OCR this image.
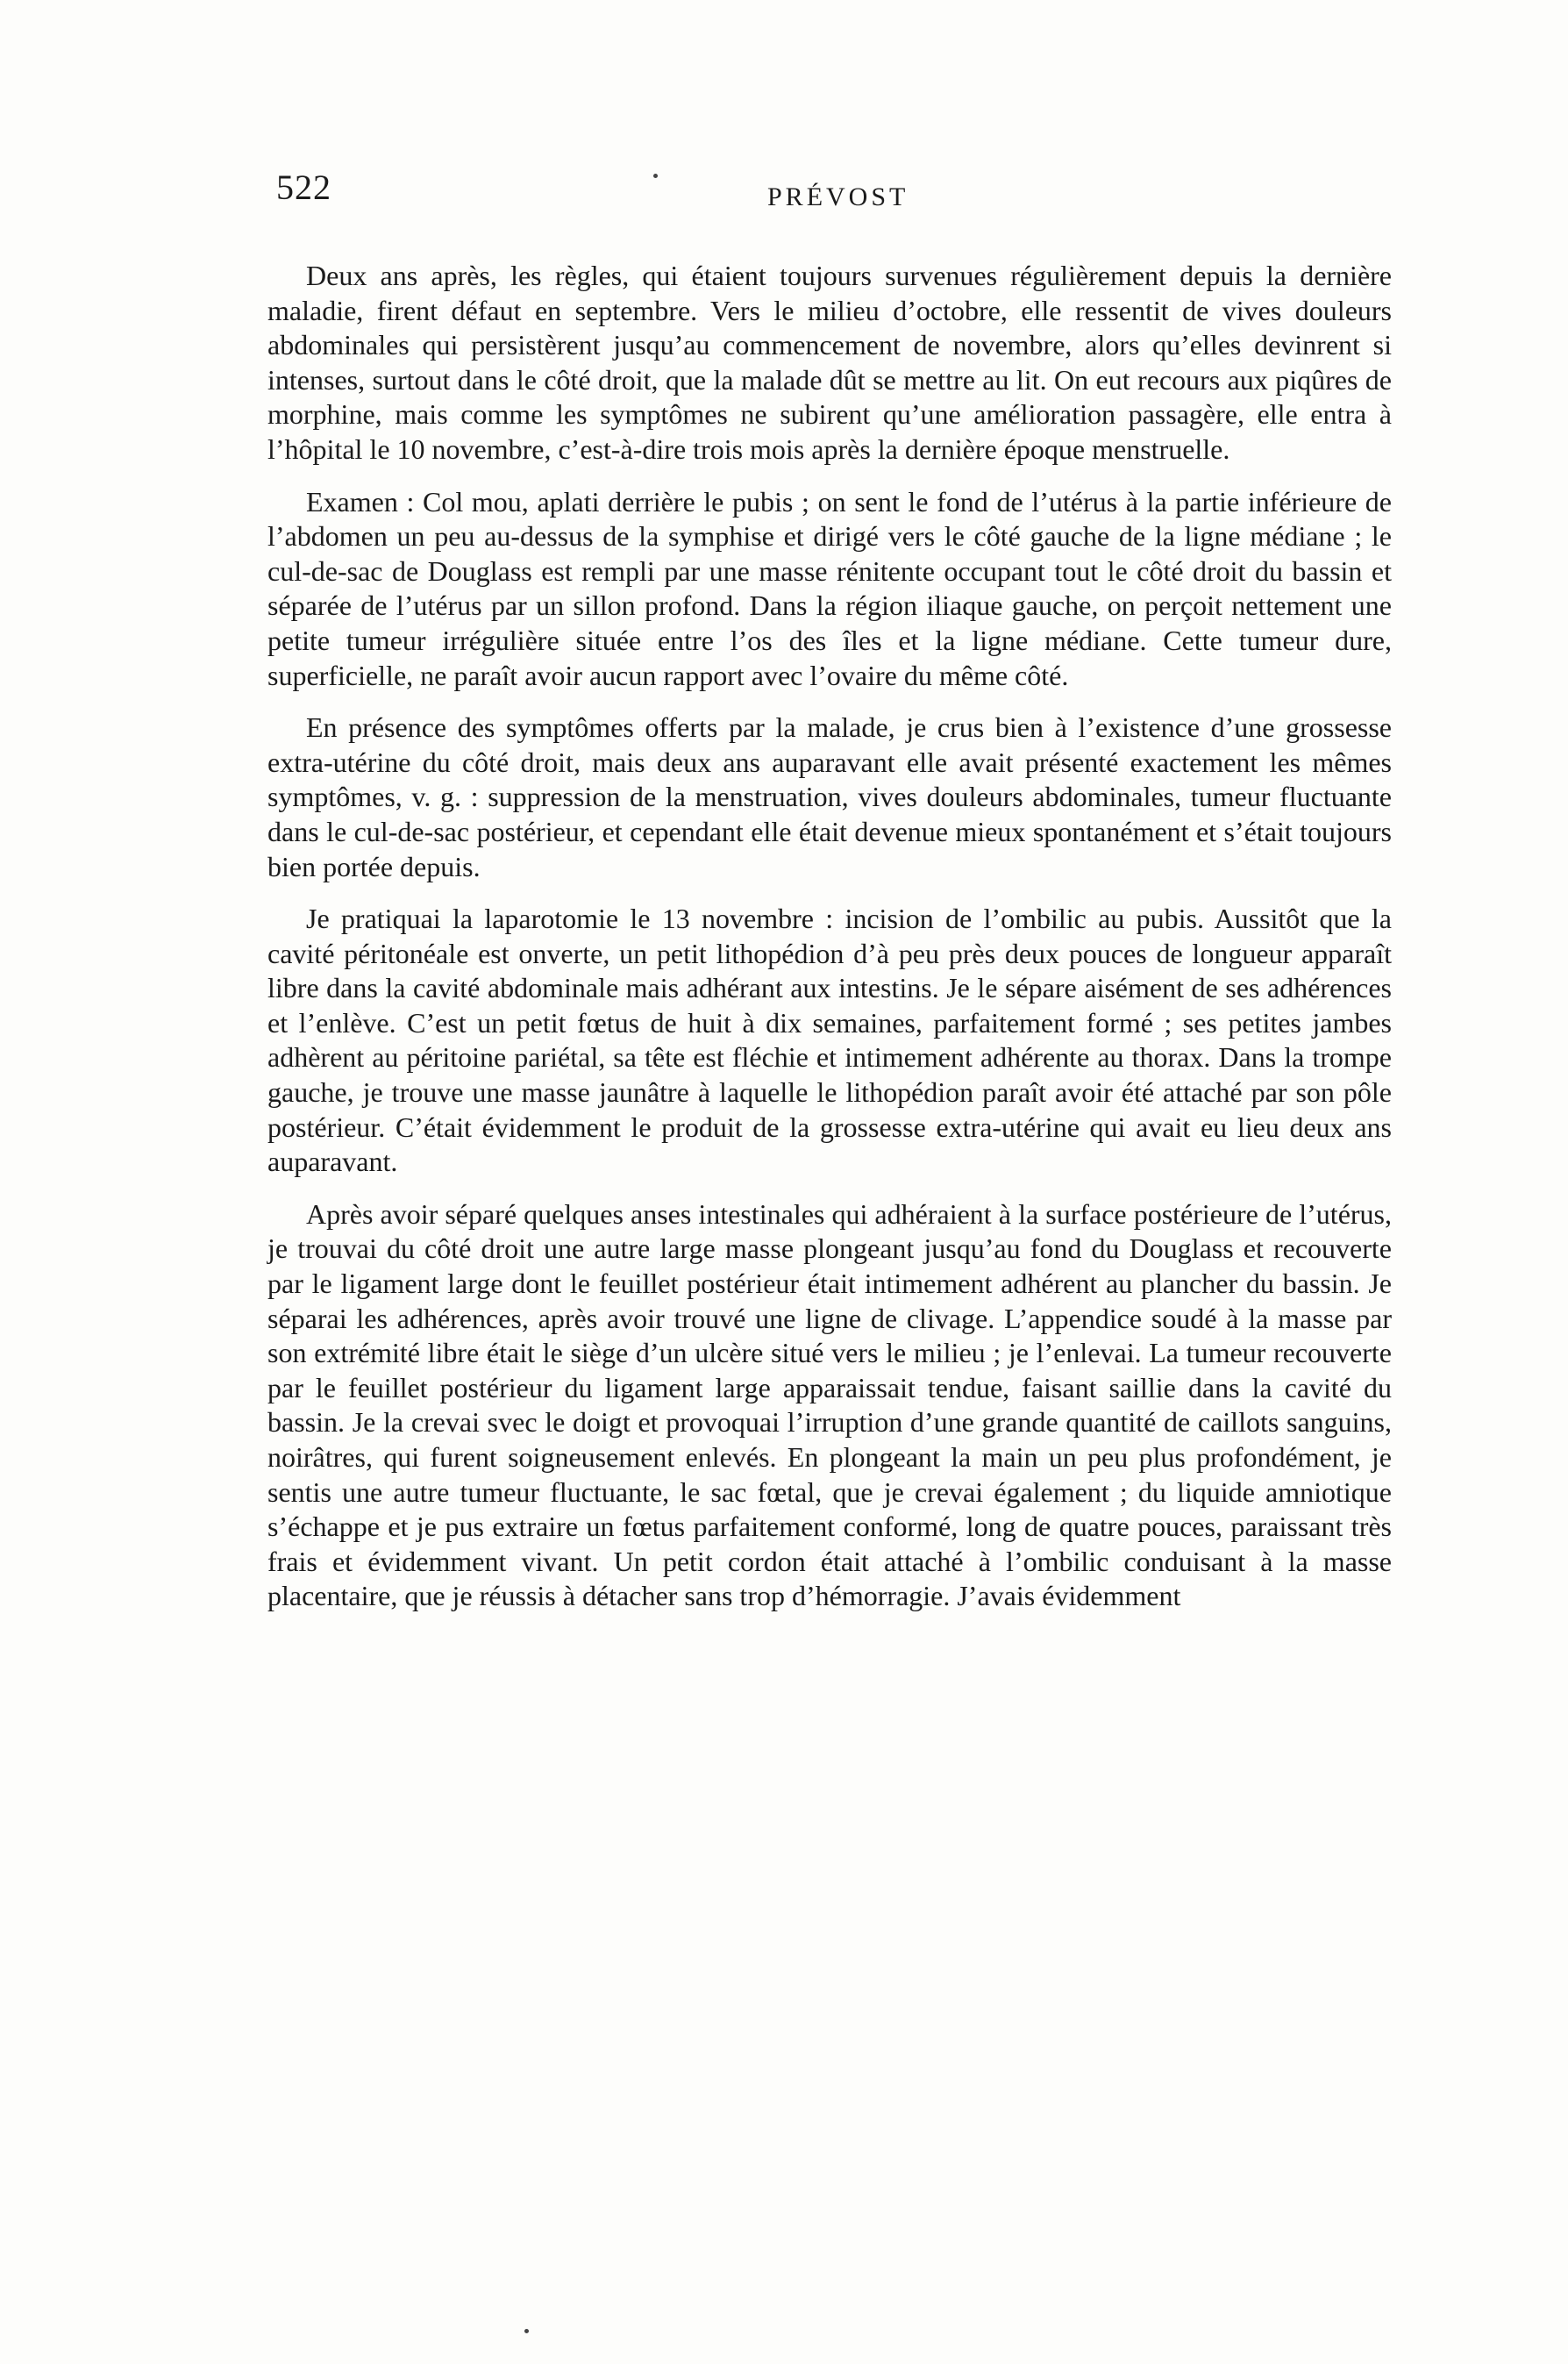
522	PRÉVOST

Deux ans après, les règles, qui étaient toujours survenues régulièrement depuis la dernière maladie, firent défaut en septembre. Vers le milieu d’octobre, elle ressentit de vives douleurs abdominales qui persistèrent jusqu’au commencement de novembre, alors qu’elles devinrent si intenses, surtout dans le côté droit, que la malade dût se mettre au lit. On eut recours aux piqûres de morphine, mais comme les symptômes ne subirent qu’une amélioration passagère, elle entra à l’hôpital le 10 novembre, c’est-à-dire trois mois après la dernière époque menstruelle.

Examen : Col mou, aplati derrière le pubis ; on sent le fond de l’utérus à la partie inférieure de l’abdomen un peu au-dessus de la symphise et dirigé vers le côté gauche de la ligne médiane ; le cul-de-sac de Douglass est rempli par une masse rénitente occupant tout le côté droit du bassin et séparée de l’utérus par un sillon profond. Dans la région iliaque gauche, on perçoit nettement une petite tumeur irrégulière située entre l’os des îles et la ligne médiane. Cette tumeur dure, superficielle, ne paraît avoir aucun rapport avec l’ovaire du même côté.

En présence des symptômes offerts par la malade, je crus bien à l’existence d’une grossesse extra-utérine du côté droit, mais deux ans auparavant elle avait présenté exactement les mêmes symptômes, v. g. : suppression de la menstruation, vives douleurs abdominales, tumeur fluctuante dans le cul-de-sac postérieur, et cependant elle était devenue mieux spontanément et s’était toujours bien portée depuis.

Je pratiquai la laparotomie le 13 novembre : incision de l’ombilic au pubis. Aussitôt que la cavité péritonéale est onverte, un petit lithopédion d’à peu près deux pouces de longueur apparaît libre dans la cavité abdominale mais adhérant aux intestins. Je le sépare aisément de ses adhérences et l’enlève. C’est un petit fœtus de huit à dix semaines, parfaitement formé ; ses petites jambes adhèrent au péritoine pariétal, sa tête est fléchie et intimement adhérente au thorax. Dans la trompe gauche, je trouve une masse jaunâtre à laquelle le lithopédion paraît avoir été attaché par son pôle postérieur. C’était évidemment le produit de la grossesse extra-utérine qui avait eu lieu deux ans auparavant.

Après avoir séparé quelques anses intestinales qui adhéraient à la surface postérieure de l’utérus, je trouvai du côté droit une autre large masse plongeant jusqu’au fond du Douglass et recouverte par le ligament large dont le feuillet postérieur était intimement adhérent au plancher du bassin. Je séparai les adhérences, après avoir trouvé une ligne de clivage. L’appendice soudé à la masse par son extrémité libre était le siège d’un ulcère situé vers le milieu ; je l’enlevai. La tumeur recouverte par le feuillet postérieur du ligament large apparaissait tendue, faisant saillie dans la cavité du bassin. Je la crevai svec le doigt et provoquai l’irruption d’une grande quantité de caillots sanguins, noirâtres, qui furent soigneusement enlevés. En plongeant la main un peu plus profondément, je sentis une autre tumeur fluctuante, le sac fœtal, que je crevai également ; du liquide amniotique s’échappe et je pus extraire un fœtus parfaitement conformé, long de quatre pouces, paraissant très frais et évidemment vivant. Un petit cordon était attaché à l’ombilic conduisant à la masse placentaire, que je réussis à détacher sans trop d’hémorragie. J’avais évidemment
